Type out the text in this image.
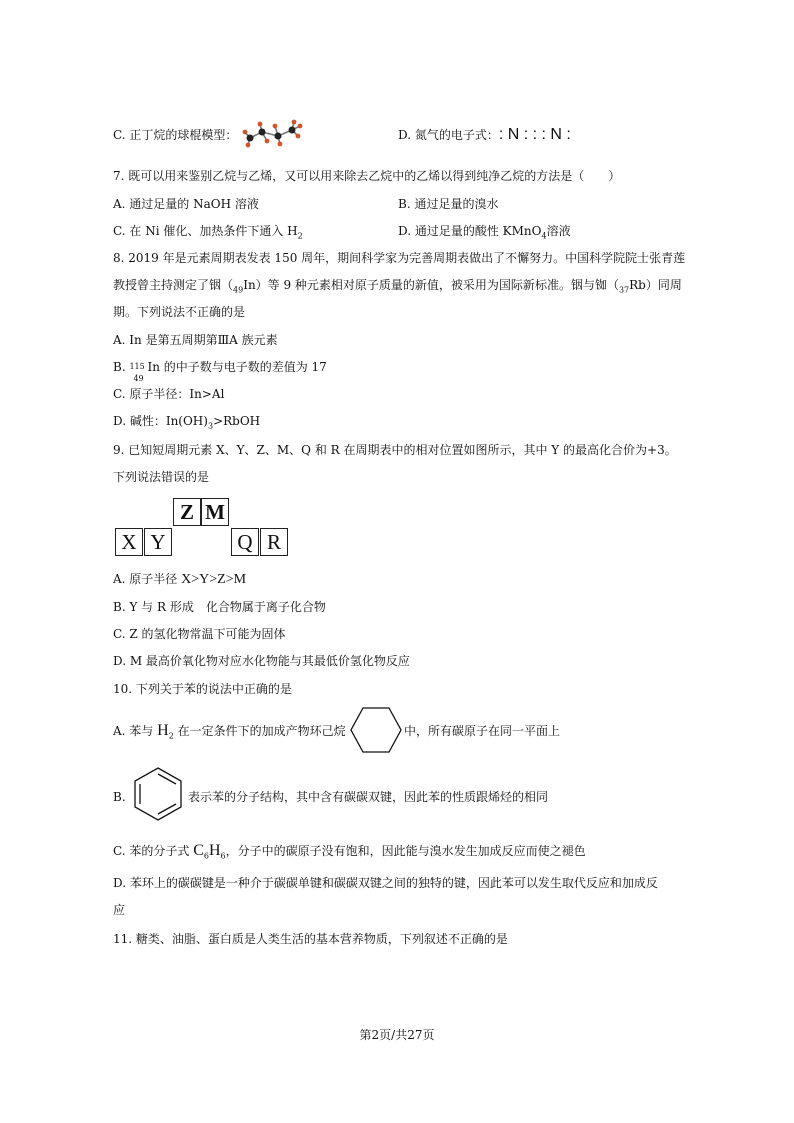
C. 正丁烷的球棍模型：	D. 氮气的电子式：: N : : : N :
7. 既可以用来鉴别乙烷与乙烯，又可以用来除去乙烷中的乙烯以得到纯净乙烷的方法是（　　）
A. 通过足量的 NaOH 溶液	B. 通过足量的溴水
C. 在 Ni 催化、加热条件下通入 $H_2$	D. 通过足量的酸性 KMnO$_4$溶液
8. 2019 年是元素周期表发表 150 周年，期间科学家为完善周期表做出了不懈努力。中国科学院院士张青莲
教授曾主持测定了铟$(_{49}In)$等 9 种元素相对原子质量的新值，被采用为国际新标准。铟与铷$(_{37}Rb)$同周
期。下列说法不正确的是
A. In 是第五周期第ⅢA 族元素
B. 115
49
In 的中子数与电子数的差值为 17
C. 原子半径：In>Al
D. 碱性：$In(OH)_3>RbOH$
9. 已知短周期元素 X、Y、Z、M、Q 和 R 在周期表中的相对位置如图所示，其中 Y 的最高化合价为+3。
下列说法错误的是
Z M
X Y	Q R
A. 原子半径 X>Y>Z>M
B. Y 与 R 形成　化合物属于离子化合物
C. Z 的氢化物常温下可能为固体
D. M 最高价氧化物对应水化物能与其最低价氢化物反应
10. 下列关于苯的说法中正确的是
A. 苯与 $H_2$ 在一定条件下的加成产物环己烷	中，所有碳原子在同一平面上
B.	表示苯的分子结构，其中含有碳碳双键，因此苯的性质跟烯烃的相同
C. 苯的分子式 $C_6H_6$，分子中的碳原子没有饱和，因此能与溴水发生加成反应而使之褪色
D. 苯环上的碳碳键是一种介于碳碳单键和碳碳双键之间的独特的键，因此苯可以发生取代反应和加成反
应
11. 糖类、油脂、蛋白质是人类生活的基本营养物质，下列叙述不正确的是
第2页/共27页
